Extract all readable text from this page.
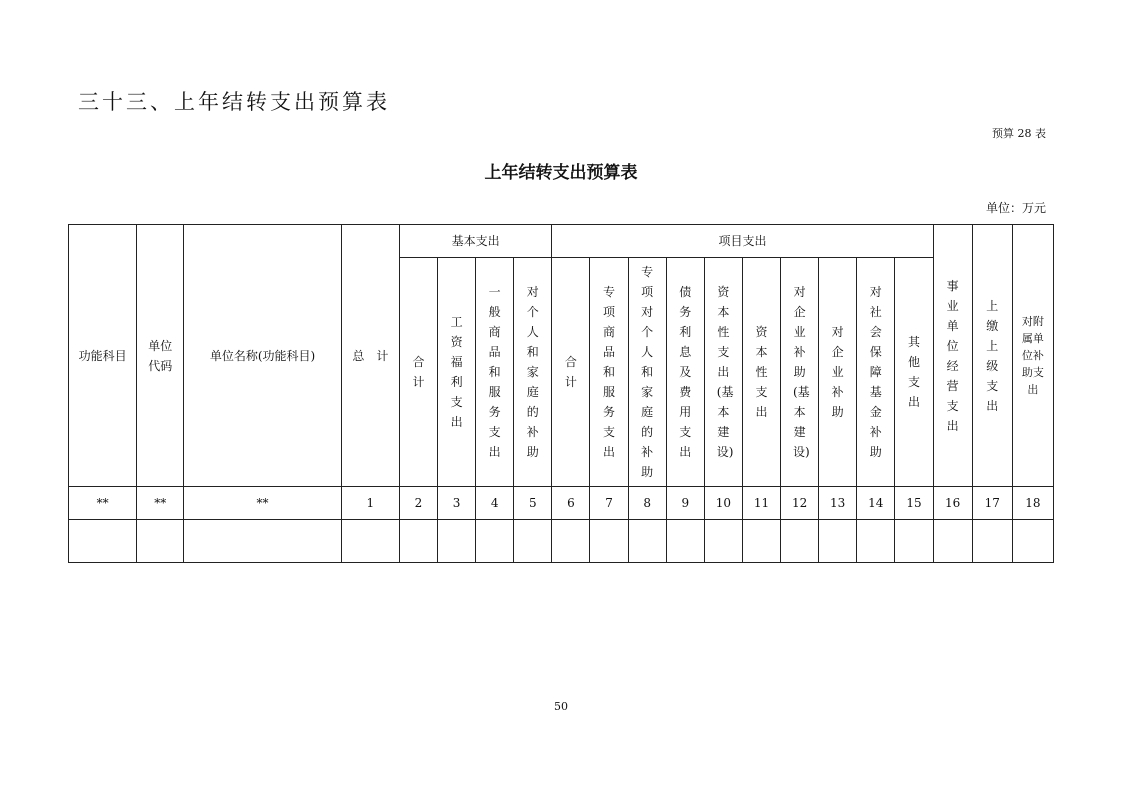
三十三、上年结转支出预算表
预算 28 表
上年结转支出预算表
单位：万元
功能科目	单位代码	单位名称(功能科目)	总　计	基本支出				项目支出										事业单位经营支出	上缴上级支出	对附属单位补助支出
				合计	工资福利支出	一般商品和服务支出	对个人和家庭的补助	合计	专项商品和服务支出	专项对个人和家庭的补助	债务利息及费用支出	资本性支出(基本建设)	资本性支出	对企业补助(基本建设)	对企业补助	对社会保障基金补助	其他支出			
**	**	**	1	2	3	4	5	6	7	8	9	10	11	12	13	14	15	16	17	18

50
